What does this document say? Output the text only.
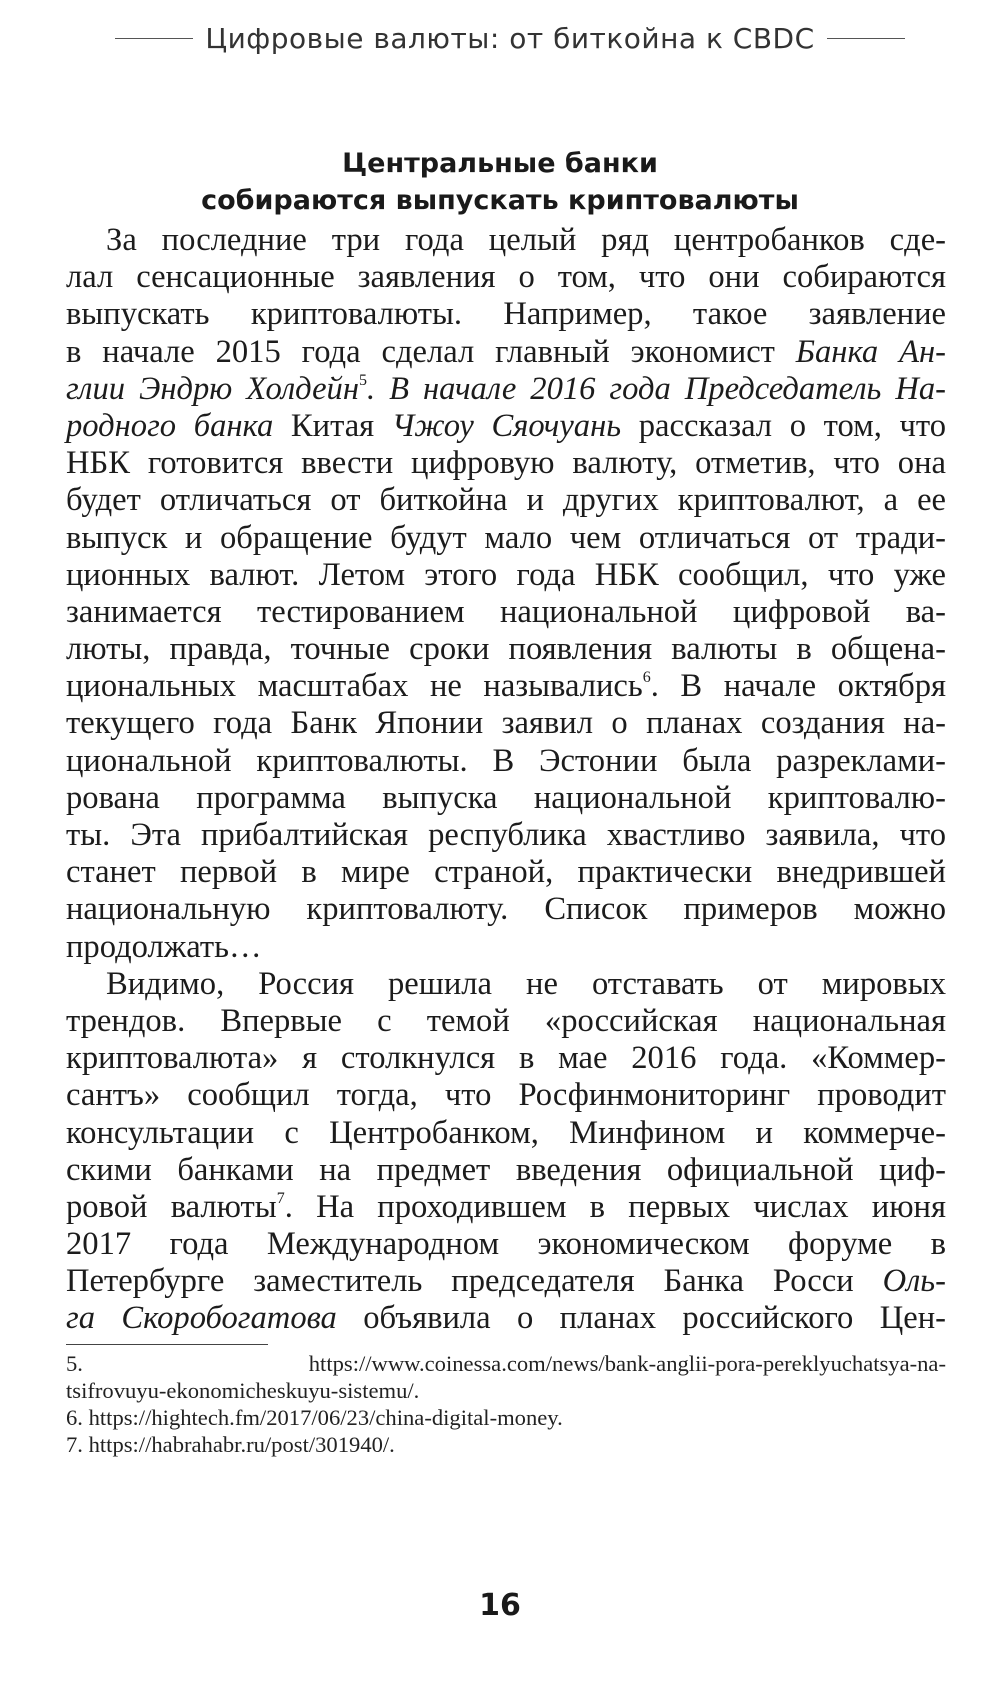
Цифровые валюты: от биткойна к CBDC
Центральные банки
собираются выпускать криптовалюты
За последние три года целый ряд центробанков сде-
лал сенсационные заявления о том, что они собираются
выпускать криптовалюты. Например, такое заявление
в начале 2015 года сделал главный экономист Банка Ан-
глии Эндрю Холдейн$^5$. В начале 2016 года Председатель На-
родного банка Китая Чжоу Сяочуань рассказал о том, что
НБК готовится ввести цифровую валюту, отметив, что она
будет отличаться от биткойна и других криптовалют, а ее
выпуск и обращение будут мало чем отличаться от тради-
ционных валют. Летом этого года НБК сообщил, что уже
занимается тестированием национальной цифровой ва-
люты, правда, точные сроки появления валюты в общена-
циональных масштабах не назывались$^6$. В начале октября
текущего года Банк Японии заявил о планах создания на-
циональной криптовалюты. В Эстонии была разреклами-
рована программа выпуска национальной криптовалю-
ты. Эта прибалтийская республика хвастливо заявила, что
станет первой в мире страной, практически внедрившей
национальную криптовалюту. Список примеров можно
продолжать…
Видимо, Россия решила не отставать от мировых
трендов. Впервые с темой «российская национальная
криптовалюта» я столкнулся в мае 2016 года. «Коммер-
сантъ» сообщил тогда, что Росфинмониторинг проводит
консультации с Центробанком, Минфином и коммерче-
скими банками на предмет введения официальной циф-
ровой валюты$^7$. На проходившем в первых числах июня
2017 года Международном экономическом форуме в
Петербурге заместитель председателя Банка Росси Оль-
га Скоробогатова объявила о планах российского Цен-
5. https://www.coinessa.com/news/bank-anglii-pora-pereklyuchatsya-na-
tsifrovuyu-ekonomicheskuyu-sistemu/.
6. https://hightech.fm/2017/06/23/china-digital-money.
7. https://habrahabr.ru/post/301940/.
16
